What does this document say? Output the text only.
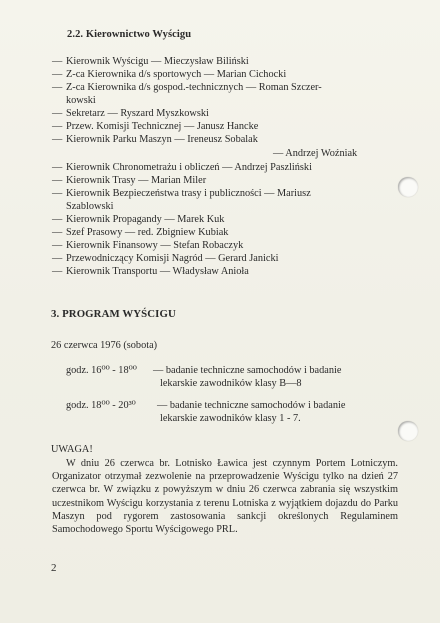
2.2. Kierownictwo Wyścigu
— Kierownik Wyścigu — Mieczysław Biliński
— Z-ca Kierownika d/s sportowych — Marian Cichocki
— Z-ca Kierownika d/s gospod.-technicznych — Roman Szczer-
kowski
— Sekretarz — Ryszard Myszkowski
— Przew. Komisji Technicznej — Janusz Hancke
— Kierownik Parku Maszyn — Ireneusz Sobalak
— Andrzej Woźniak
— Kierownik Chronometrażu i obliczeń — Andrzej Paszliński
— Kierownik Trasy — Marian Miler
— Kierownik Bezpieczeństwa trasy i publiczności — Mariusz
Szablowski
— Kierownik Propagandy — Marek Kuk
— Szef Prasowy — red. Zbigniew Kubiak
— Kierownik Finansowy — Stefan Robaczyk
— Przewodniczący Komisji Nagród — Gerard Janicki
— Kierownik Transportu — Władysław Anioła
3. PROGRAM WYŚCIGU
26 czerwca 1976 (sobota)
godz. 16⁰⁰ - 18⁰⁰ — badanie techniczne samochodów i badanie
lekarskie zawodników klasy B—8
godz. 18⁰⁰ - 20³⁰ — badanie techniczne samochodów i badanie
lekarskie zawodników klasy 1 - 7.
UWAGA!
W dniu 26 czerwca br. Lotnisko Ławica jest czynnym Portem Lotniczym. Organizator otrzymał zezwolenie na przeprowadzenie Wyścigu tylko na dzień 27 czerwca br. W związku z powyższym w dniu 26 czerwca zabrania się wszystkim uczestnikom Wyścigu korzystania z terenu Lotniska z wyjątkiem dojazdu do Parku Maszyn pod rygorem zastosowania sankcji określonych Regulaminem Samochodowego Sportu Wyścigowego PRL.
2
